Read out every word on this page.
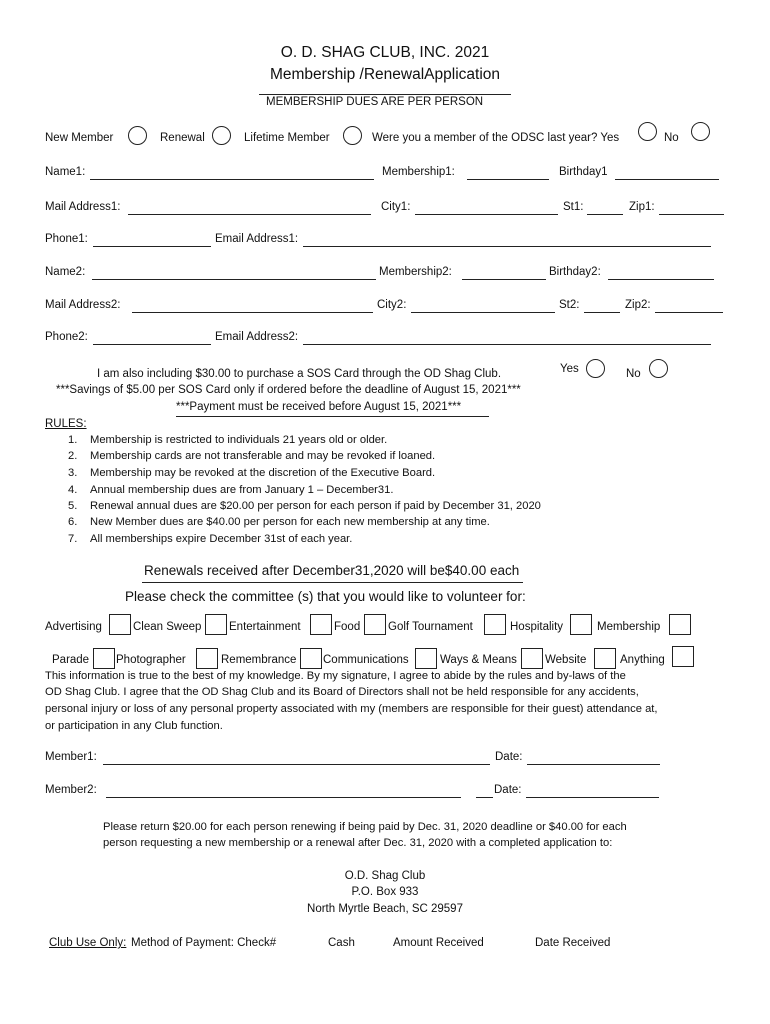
O. D. SHAG CLUB, INC. 2021
Membership /RenewalApplication
MEMBERSHIP DUES ARE PER PERSON
New Member	Renewal	Lifetime Member	Were you a member of the ODSC last year? Yes	No
Name1:	Membership1:	Birthday1
Mail Address1:	City1:	St1:	Zip1:
Phone1:	Email Address1:
Name2:	Membership2:	Birthday2:
Mail Address2:	City2:	St2:	Zip2:
Phone2:	Email Address2:
I am also including $30.00 to purchase a SOS Card through the OD Shag Club.	Yes	No
***Savings of $5.00 per SOS Card only if ordered before the deadline of August 15, 2021***
***Payment must be received before August 15, 2021***
RULES:
1. Membership is restricted to individuals 21 years old or older.
2. Membership cards are not transferable and may be revoked if loaned.
3. Membership may be revoked at the discretion of the Executive Board.
4. Annual membership dues are from January 1 – December31.
5. Renewal annual dues are $20.00 per person for each person if paid by December 31, 2020
6. New Member dues are $40.00 per person for each new membership at any time.
7. All memberships expire December 31st of each year.
Renewals received after December31,2020 will be$40.00 each
Please check the committee (s) that you would like to volunteer for:
Advertising	Clean Sweep Entertainment	Food Golf Tournament	Hospitality	Membership
Parade Photographer	Remembrance Communications	Ways & Means Website	Anything
This information is true to the best of my knowledge. By my signature, I agree to abide by the rules and by-laws of the
OD Shag Club. I agree that the OD Shag Club and its Board of Directors shall not be held responsible for any accidents,
personal injury or loss of any personal property associated with my (members are responsible for their guest) attendance at,
or participation in any Club function.
Member1:	Date:
Member2:	Date:
Please return $20.00 for each person renewing if being paid by Dec. 31, 2020 deadline or $40.00 for each
person requesting a new membership or a renewal after Dec. 31, 2020 with a completed application to:
O.D. Shag Club
P.O. Box 933
North Myrtle Beach, SC 29597
Club Use Only: Method of Payment: Check#	Cash	Amount Received	Date Received
